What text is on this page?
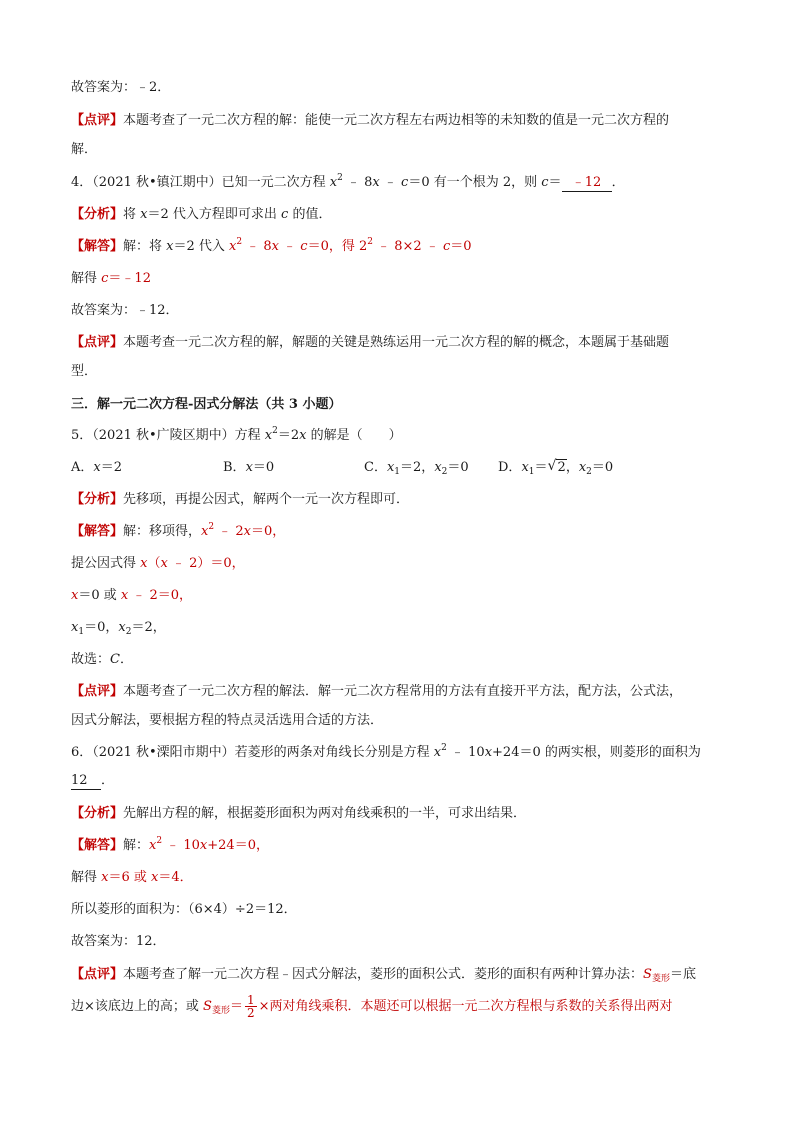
故答案为：﹣2．
【点评】本题考查了一元二次方程的解：能使一元二次方程左右两边相等的未知数的值是一元二次方程的
解．
4．（2021 秋•镇江期中）已知一元二次方程 $x^2$ ﹣ 8x ﹣ c＝0 有一个根为 2，则 c＝ ﹣12 ．
【分析】将 x＝2 代入方程即可求出 c 的值．
【解答】解：将 x＝2 代入 $x^2$ ﹣ 8x ﹣ c＝0，得 $2^2$ ﹣ 8×2 ﹣ c＝0
解得 c＝﹣12
故答案为：﹣12．
【点评】本题考查一元二次方程的解，解题的关键是熟练运用一元二次方程的解的概念，本题属于基础题
型．
三．解一元二次方程-因式分解法（共 3 小题）
5．（2021 秋•广陵区期中）方程 $x^2=2x$ 的解是（　　）
A．x＝2	B．x＝0	C．$x_1=2$，$x_2=0$ D．$x_1=$ √ 2，$x_2=0$
【分析】先移项，再提公因式，解两个一元一次方程即可．
【解答】解：移项得，$x^2$ ﹣ 2x＝0，
提公因式得 x（x ﹣ 2）＝0，
x＝0 或 x ﹣ 2＝0，
$x_1=0$，$x_2=2$，
故选：C．
【点评】本题考查了一元二次方程的解法．解一元二次方程常用的方法有直接开平方法，配方法，公式法，
因式分解法，要根据方程的特点灵活选用合适的方法．
6．（2021 秋•溧阳市期中）若菱形的两条对角线长分别是方程 $x^2$ ﹣ 10x+24＝0 的两实根，则菱形的面积为
12 ．
【分析】先解出方程的解，根据菱形面积为两对角线乘积的一半，可求出结果．
【解答】解：$x^2$ ﹣ 10x+24＝0，
解得 x＝6 或 x＝4．
所以菱形的面积为：（6×4）÷2＝12．
故答案为：12．
【点评】本题考查了解一元二次方程﹣因式分解法，菱形的面积公式．菱形的面积有两种计算办法：$S_{菱形}=$底
边×该底边上的高；或 $S_{菱形}= \frac{1}{2}$ ×两对角线乘积．本题还可以根据一元二次方程根与系数的关系得出两对
